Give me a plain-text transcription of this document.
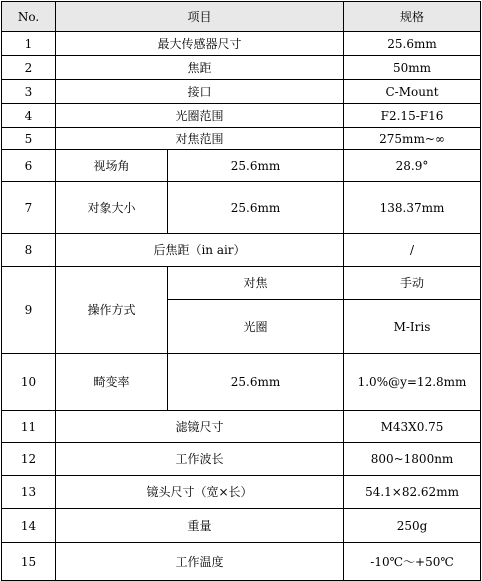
No.	项目		规格
1	最大传感器尺寸		25.6mm
2	焦距		50mm
3	接口		C-Mount
4	光圈范围		F2.15-F16
5	对焦范围		275mm~∞
6	视场角	25.6mm	28.9°
7	对象大小	25.6mm	138.37mm
8	后焦距（in air）		/
9	操作方式	对焦	手动
		光圈	M-Iris
10	畸变率	25.6mm	1.0%@y=12.8mm
11	滤镜尺寸		M43X0.75
12	工作波长		800~1800nm
13	镜头尺寸（宽×长）		54.1×82.62mm
14	重量		250g
15	工作温度		-10℃～+50℃
